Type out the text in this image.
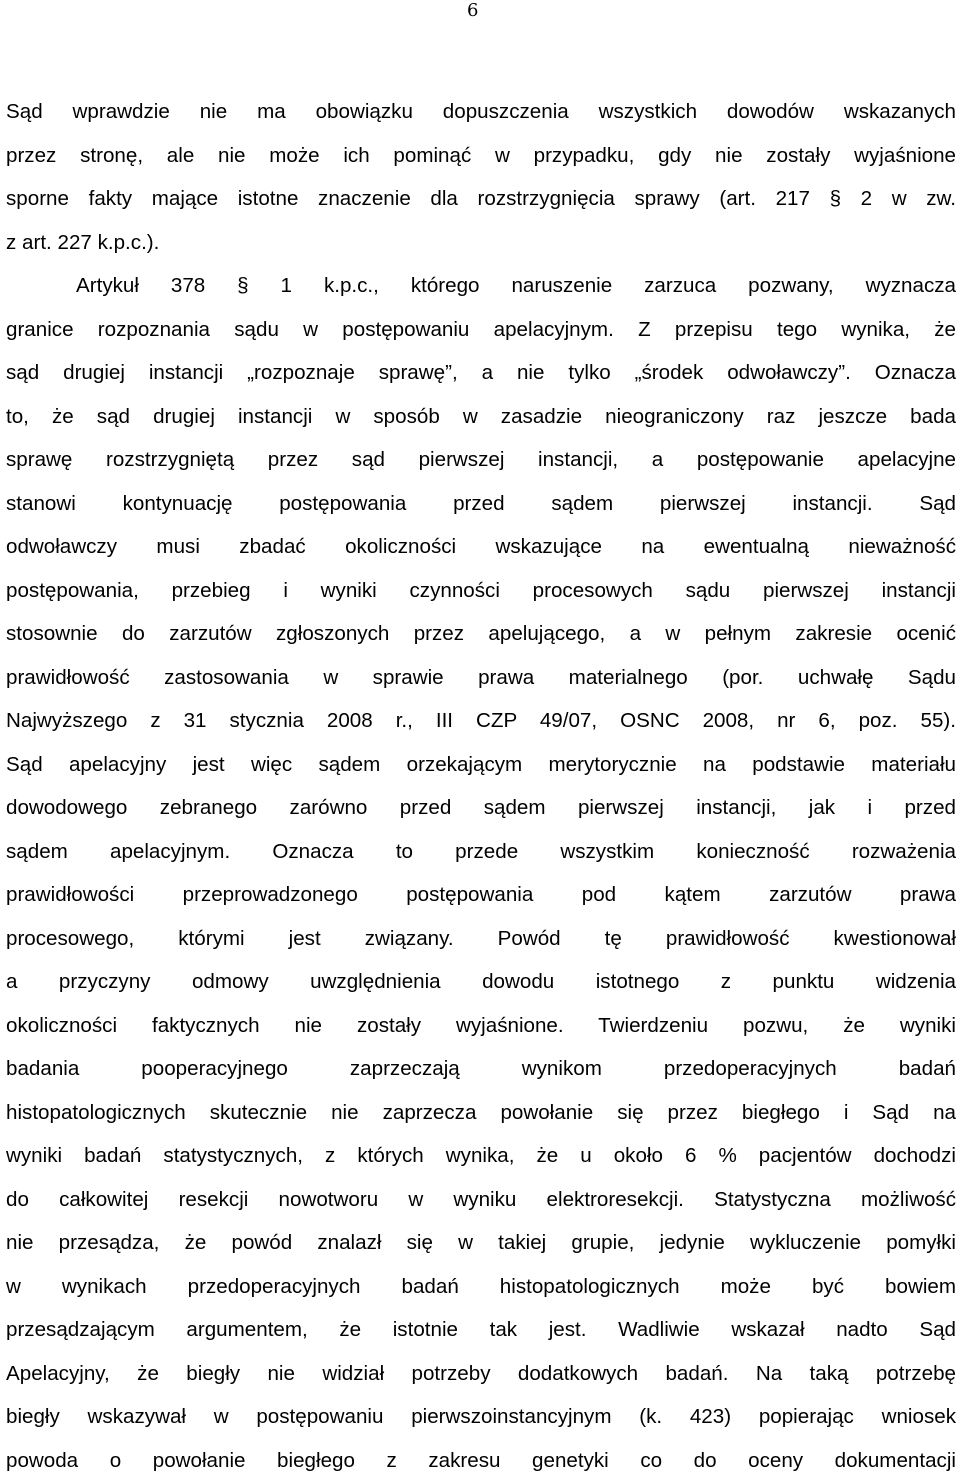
6
Sąd wprawdzie nie ma obowiązku dopuszczenia wszystkich dowodów wskazanych
przez stronę, ale nie może ich pominąć w przypadku, gdy nie zostały wyjaśnione
sporne fakty mające istotne znaczenie dla rozstrzygnięcia sprawy (art. 217 § 2 w zw.
z art. 227 k.p.c.).
Artykuł 378 § 1 k.p.c., którego naruszenie zarzuca pozwany, wyznacza
granice rozpoznania sądu w postępowaniu apelacyjnym. Z przepisu tego wynika, że
sąd drugiej instancji „rozpoznaje sprawę”, a nie tylko „środek odwoławczy”. Oznacza
to, że sąd drugiej instancji w sposób w zasadzie nieograniczony raz jeszcze bada
sprawę rozstrzygniętą przez sąd pierwszej instancji, a postępowanie apelacyjne
stanowi kontynuację postępowania przed sądem pierwszej instancji. Sąd
odwoławczy musi zbadać okoliczności wskazujące na ewentualną nieważność
postępowania, przebieg i wyniki czynności procesowych sądu pierwszej instancji
stosownie do zarzutów zgłoszonych przez apelującego, a w pełnym zakresie ocenić
prawidłowość zastosowania w sprawie prawa materialnego (por. uchwałę Sądu
Najwyższego z 31 stycznia 2008 r., III CZP 49/07, OSNC 2008, nr 6, poz. 55).
Sąd apelacyjny jest więc sądem orzekającym merytorycznie na podstawie materiału
dowodowego zebranego zarówno przed sądem pierwszej instancji, jak i przed
sądem apelacyjnym. Oznacza to przede wszystkim konieczność rozważenia
prawidłowości przeprowadzonego postępowania pod kątem zarzutów prawa
procesowego, którymi jest związany. Powód tę prawidłowość kwestionował
a przyczyny odmowy uwzględnienia dowodu istotnego z punktu widzenia
okoliczności faktycznych nie zostały wyjaśnione. Twierdzeniu pozwu, że wyniki
badania pooperacyjnego zaprzeczają wynikom przedoperacyjnych badań
histopatologicznych skutecznie nie zaprzecza powołanie się przez biegłego i Sąd na
wyniki badań statystycznych, z których wynika, że u około 6 % pacjentów dochodzi
do całkowitej resekcji nowotworu w wyniku elektroresekcji. Statystyczna możliwość
nie przesądza, że powód znalazł się w takiej grupie, jedynie wykluczenie pomyłki
w wynikach przedoperacyjnych badań histopatologicznych może być bowiem
przesądzającym argumentem, że istotnie tak jest. Wadliwie wskazał nadto Sąd
Apelacyjny, że biegły nie widział potrzeby dodatkowych badań. Na taką potrzebę
biegły wskazywał w postępowaniu pierwszoinstancyjnym (k. 423) popierając wniosek
powoda o powołanie biegłego z zakresu genetyki co do oceny dokumentacji
